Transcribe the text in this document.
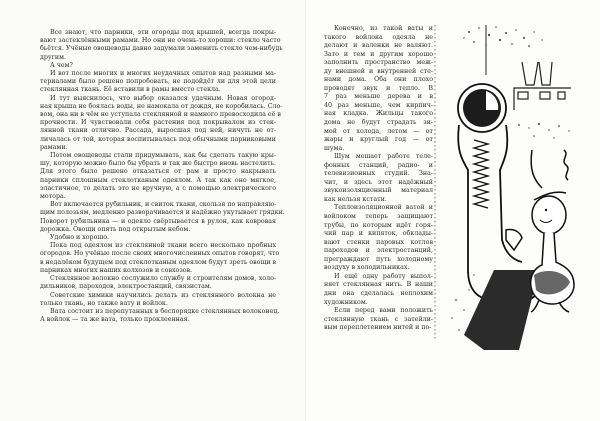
Все знают, что парники, эти огороды под крышей, всегда покры-
вают застеклёнными рамами. Но они не очень-то хороши: стекло часто
бьётся. Учёные овощеводы давно задумали заменить стекло чем-нибудь
другим.
А чем?
И вот после многих и многих неудачных опытов над разными ма-
териалами было решено попробовать, не подойдёт ли для этой цели
стеклянная ткань. Её вставили в рамы вместо стекла.
И тут выяснилось, что выбор оказался удачным. Новая огород-
ная крыша не боялась воды, не намокала от дождя, не коробилась. Сло-
вом, она ни в чём не уступала стеклянной и намного превосходила её в
прочности. И чувствовали себя растения под покрывалом из стек-
лянной ткани отлично. Рассада, выросшая под ней, ничуть не от-
личалась от той, которая воспитывалась под обычными парниковыми
рамами.
Потом овощеводы стали придумывать, как бы сделать такую кры-
шу, которую можно было бы убрать и так же быстро вновь настелить.
Для этого было решено отказаться от рам и просто накрывать
парники сплошным стеклотканым одеялом. А так как оно мягкое,
эластичное, то делать это не вручную, а с помощью электрического
мотора.
Вот включается рубильник, и свиток ткани, скользя по направляю-
щим полозьям, медленно разворачивается и надёжно укутывает грядки.
Поворот рубильника — и одеяло свёртывается в рулон, как ковровая
дорожка. Овощи опять под открытым небом.
Удобно и хорошо.
Пока под одеялом из стеклянной ткани всего несколько пробных
огородов. Но учёные после своих многочисленных опытов говорят, что
в недалёком будущем под стеклотканым одеялом будут зреть овощи в
парниках многих наших колхозов и совхозов.
Стеклянное волокно сослужило службу и строителям домов, холо-
дильников, пароходов, электростанций, связистам.
Советские химики научились делать из стеклянного волокна не
только ткань, но также вату и войлок.
Вата состоит из перепутанных в беспорядке стеклянных волоконец.
А войлок — та же вата, только проклеенная.
Конечно, из такой ваты и
такого войлока одеяла не
делают и валенки не валяют.
Зато и тем и другим хорошо
заполнить пространство меж-
ду внешней и внутренней сте-
нами дома. Оба они плохо
проводят звук и тепло. В
7 раз меньше дерева и в
40 раз меньше, чем кирпич-
ная кладка. Жильцы такого
дома не будут страдать зи-
мой от холода, летом — от
жары и круглый год — от
шума.
Шум мешает работе теле-
фонных станций, радио- и
телевизионных студий. Зна-
чит, и здесь этот надёжный
звукоизоляционный материал
как нельзя кстати.
Теплоизоляционной ватой и
войлоком теперь защищают
трубы, по которым идёт горя-
чий пар и кипяток, обклады-
вают стенки паровых котлов
пароходов и электростанций,
преграждают путь холодному
воздуху в холодильниках.
И ещё одну работу выпол-
няет стеклянная нить. В наши
дни она сделалась неплохим
художником.
Если перед вами положить
стеклянную ткань с затейли-
вым переплетением нитей и по-
